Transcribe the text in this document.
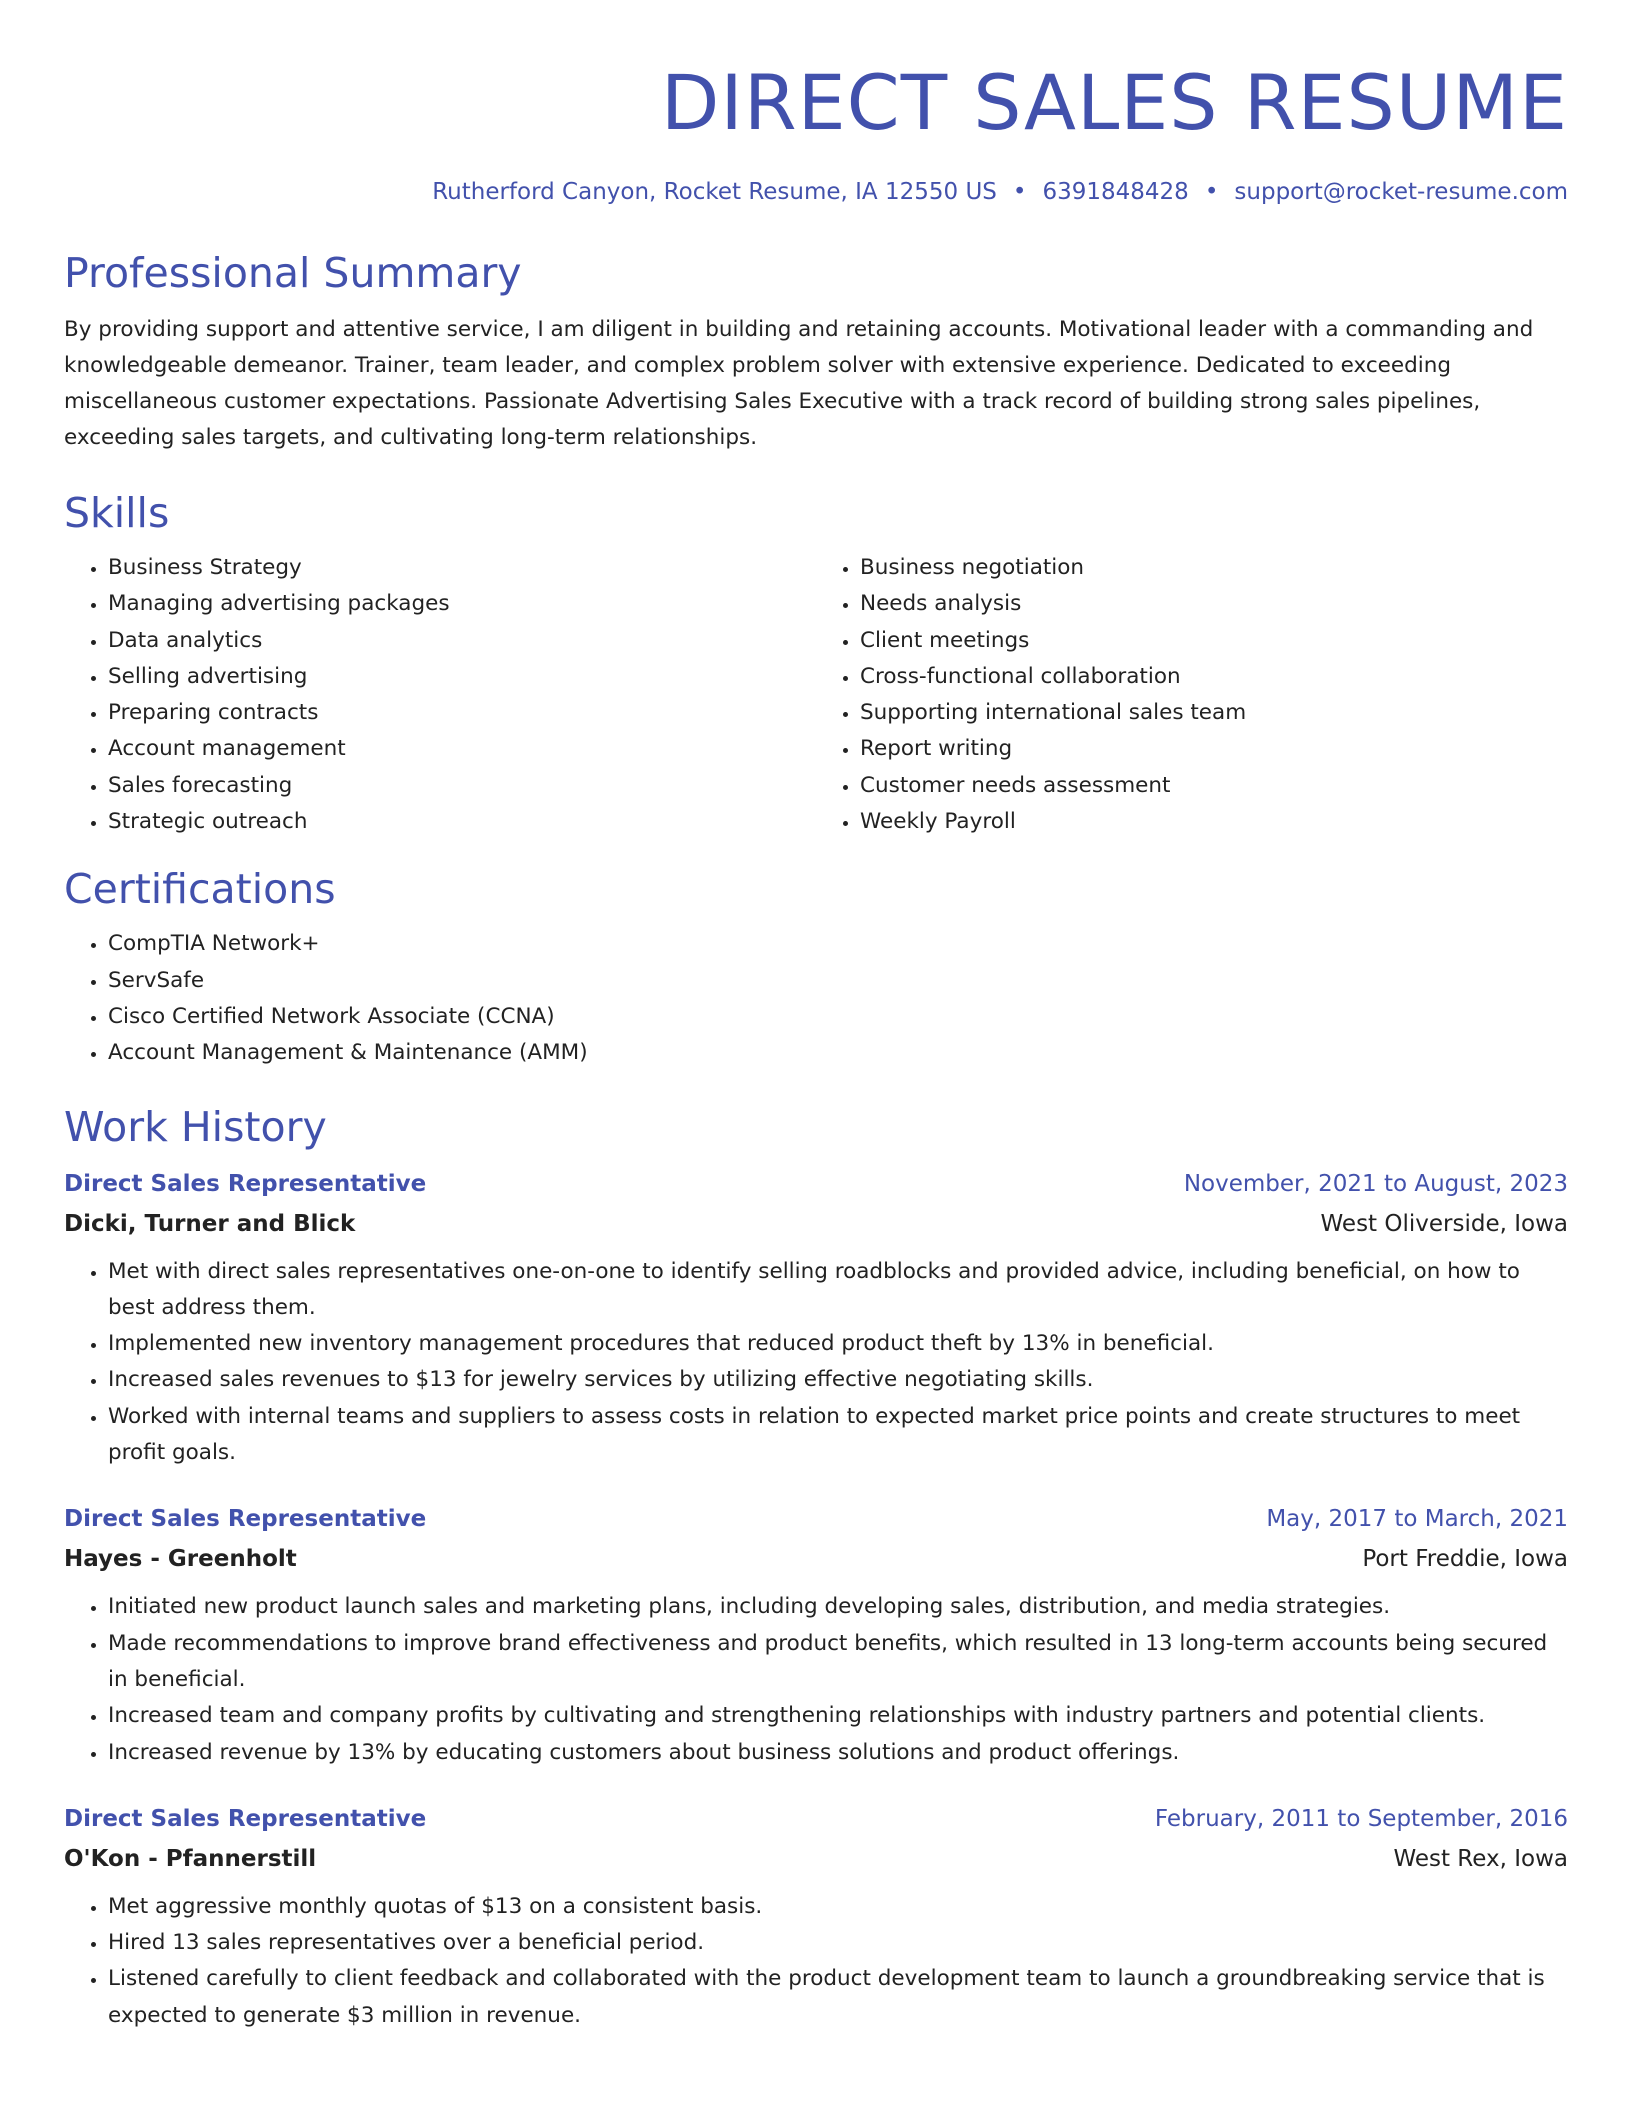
DIRECT SALES RESUME
Rutherford Canyon, Rocket Resume, IA 12550 US • 6391848428 • support@rocket-resume.com
Professional Summary

By providing support and attentive service, I am diligent in building and retaining accounts. Motivational leader with a commanding and knowledgeable demeanor. Trainer, team leader, and complex problem solver with extensive experience. Dedicated to exceeding miscellaneous customer expectations. Passionate Advertising Sales Executive with a track record of building strong sales pipelines, exceeding sales targets, and cultivating long-term relationships.

Skills
• Business Strategy
• Managing advertising packages
• Data analytics
• Selling advertising
• Preparing contracts
• Account management
• Sales forecasting
• Strategic outreach
• Business negotiation
• Needs analysis
• Client meetings
• Cross-functional collaboration
• Supporting international sales team
• Report writing
• Customer needs assessment
• Weekly Payroll
Certifications
• CompTIA Network+
• ServSafe
• Cisco Certified Network Associate (CCNA)
• Account Management & Maintenance (AMM)
Work History
Direct Sales Representative	November, 2021 to August, 2023
Dicki, Turner and Blick	West Oliverside, Iowa
• Met with direct sales representatives one-on-one to identify selling roadblocks and provided advice, including beneficial, on how to best address them.
• Implemented new inventory management procedures that reduced product theft by 13% in beneficial.
• Increased sales revenues to $13 for jewelry services by utilizing effective negotiating skills.
• Worked with internal teams and suppliers to assess costs in relation to expected market price points and create structures to meet profit goals.
Direct Sales Representative	May, 2017 to March, 2021
Hayes - Greenholt	Port Freddie, Iowa
• Initiated new product launch sales and marketing plans, including developing sales, distribution, and media strategies.
• Made recommendations to improve brand effectiveness and product benefits, which resulted in 13 long-term accounts being secured in beneficial.
• Increased team and company profits by cultivating and strengthening relationships with industry partners and potential clients.
• Increased revenue by 13% by educating customers about business solutions and product offerings.
Direct Sales Representative	February, 2011 to September, 2016
O'Kon - Pfannerstill	West Rex, Iowa
• Met aggressive monthly quotas of $13 on a consistent basis.
• Hired 13 sales representatives over a beneficial period.
• Listened carefully to client feedback and collaborated with the product development team to launch a groundbreaking service that is expected to generate $3 million in revenue.
